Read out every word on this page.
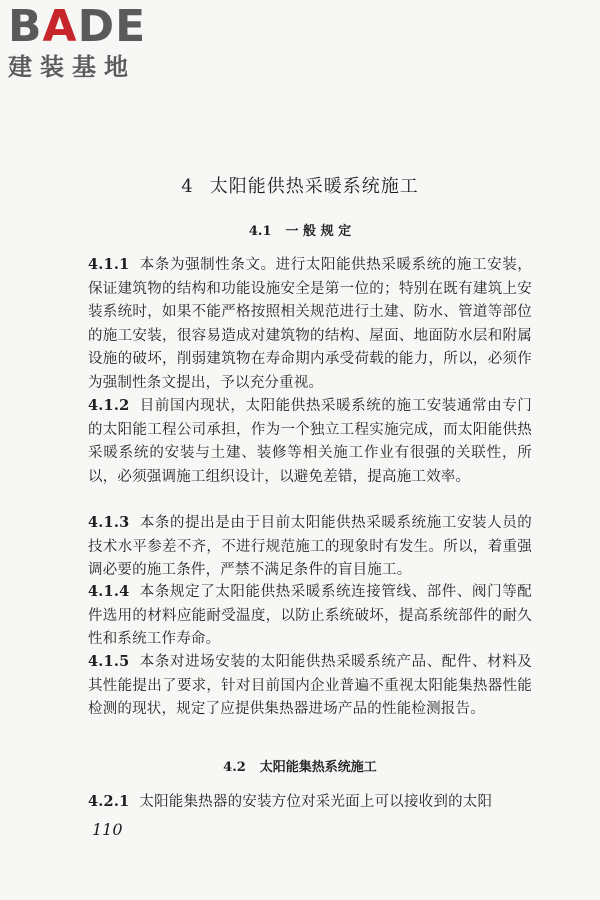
BADE
建装基地
4 太阳能供热采暖系统施工
4.1 一 般 规 定

4.1.1 本条为强制性条文。进行太阳能供热采暖系统的施工安装，保证建筑物的结构和功能设施安全是第一位的；特别在既有建筑上安装系统时，如果不能严格按照相关规范进行土建、防水、管道等部位的施工安装，很容易造成对建筑物的结构、屋面、地面防水层和附属设施的破坏，削弱建筑物在寿命期内承受荷载的能力，所以，必须作为强制性条文提出，予以充分重视。

4.1.2 目前国内现状，太阳能供热采暖系统的施工安装通常由专门的太阳能工程公司承担，作为一个独立工程实施完成，而太阳能供热采暖系统的安装与土建、装修等相关施工作业有很强的关联性，所以，必须强调施工组织设计，以避免差错，提高施工效率。

4.1.3 本条的提出是由于目前太阳能供热采暖系统施工安装人员的技术水平参差不齐，不进行规范施工的现象时有发生。所以，着重强调必要的施工条件，严禁不满足条件的盲目施工。

4.1.4 本条规定了太阳能供热采暖系统连接管线、部件、阀门等配件选用的材料应能耐受温度，以防止系统破坏，提高系统部件的耐久性和系统工作寿命。

4.1.5 本条对进场安装的太阳能供热采暖系统产品、配件、材料及其性能提出了要求，针对目前国内企业普遍不重视太阳能集热器性能检测的现状，规定了应提供集热器进场产品的性能检测报告。

4.2 太阳能集热系统施工

4.2.1 太阳能集热器的安装方位对采光面上可以接收到的太阳

110
